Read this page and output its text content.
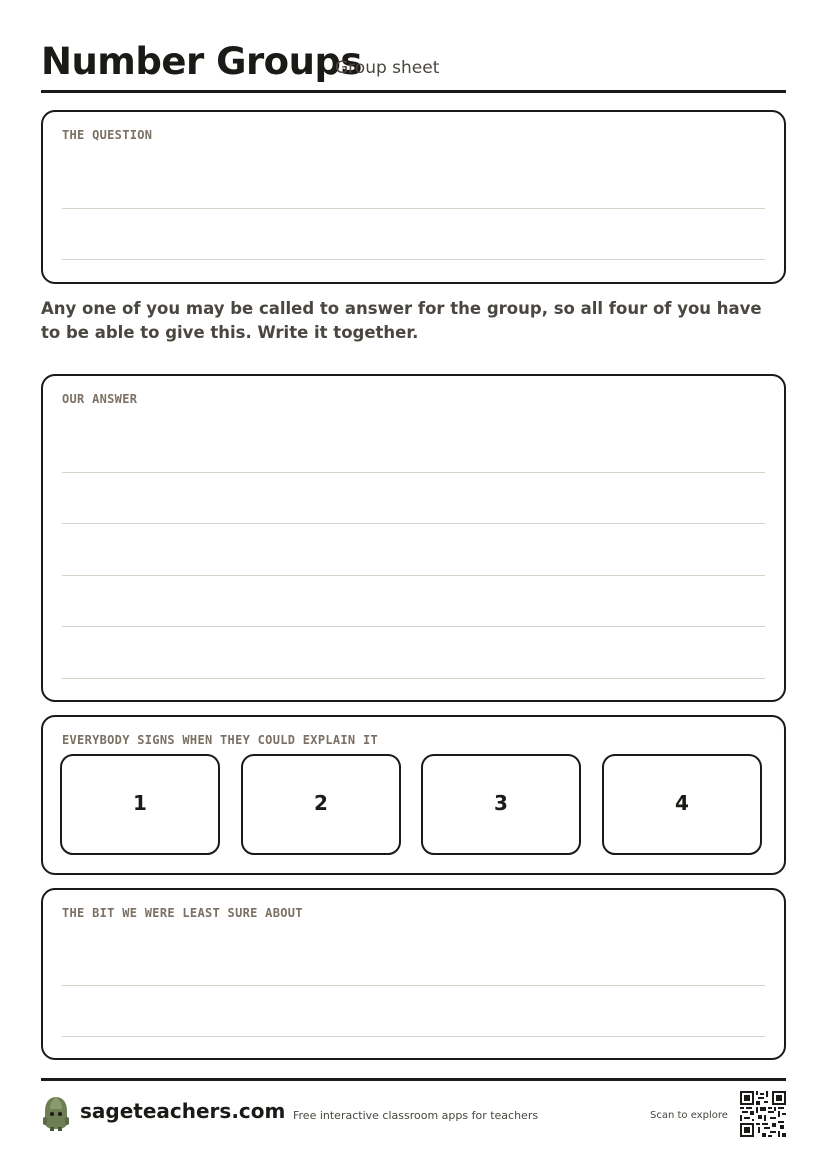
Number Groups
Group sheet
THE QUESTION
Any one of you may be called to answer for the group, so all four of you have to be able to give this. Write it together.
OUR ANSWER
EVERYBODY SIGNS WHEN THEY COULD EXPLAIN IT
1	2	3	4
THE BIT WE WERE LEAST SURE ABOUT
sageteachers.com Free interactive classroom apps for teachers	Scan to explore
